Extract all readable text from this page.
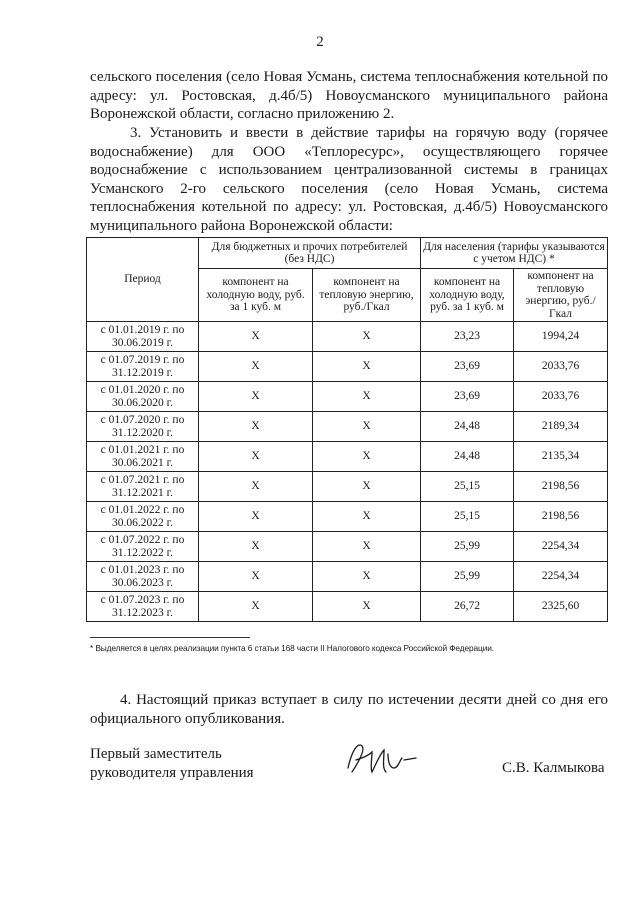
2
сельского поселения (село Новая Усмань, система теплоснабжения котельной по адресу: ул. Ростовская, д.4б/5) Новоусманского муниципального района Воронежской области, согласно приложению 2.
3. Установить и ввести в действие тарифы на горячую воду (горячее водоснабжение) для ООО «Теплоресурс», осуществляющего горячее водоснабжение с использованием централизованной системы в границах Усманского 2-го сельского поселения (село Новая Усмань, система теплоснабжения котельной по адресу: ул. Ростовская, д.4б/5) Новоусманского муниципального района Воронежской области:
Период	Для бюджетных и прочих потребителей (без НДС)		Для населения (тарифы указываются с учетом НДС) *	
	компонент на холодную воду, руб. за 1 куб. м	компонент на тепловую энергию, руб./Гкал	компонент на холодную воду, руб. за 1 куб. м	компонент на тепловую энергию, руб./Гкал
с 01.01.2019 г. по 30.06.2019 г.	Х	Х	23,23	1994,24
с 01.07.2019 г. по 31.12.2019 г.	Х	Х	23,69	2033,76
с 01.01.2020 г. по 30.06.2020 г.	Х	Х	23,69	2033,76
с 01.07.2020 г. по 31.12.2020 г.	Х	Х	24,48	2189,34
с 01.01.2021 г. по 30.06.2021 г.	Х	Х	24,48	2135,34
с 01.07.2021 г. по 31.12.2021 г.	Х	Х	25,15	2198,56
с 01.01.2022 г. по 30.06.2022 г.	Х	Х	25,15	2198,56
с 01.07.2022 г. по 31.12.2022 г.	Х	Х	25,99	2254,34
с 01.01.2023 г. по 30.06.2023 г.	Х	Х	25,99	2254,34
с 01.07.2023 г. по 31.12.2023 г.	Х	Х	26,72	2325,60
* Выделяется в целях реализации пункта 6 статьи 168 части II Налогового кодекса Российской Федерации.
4. Настоящий приказ вступает в силу по истечении десяти дней со дня его официального опубликования.
Первый заместитель
руководителя управления	С.В. Калмыкова
